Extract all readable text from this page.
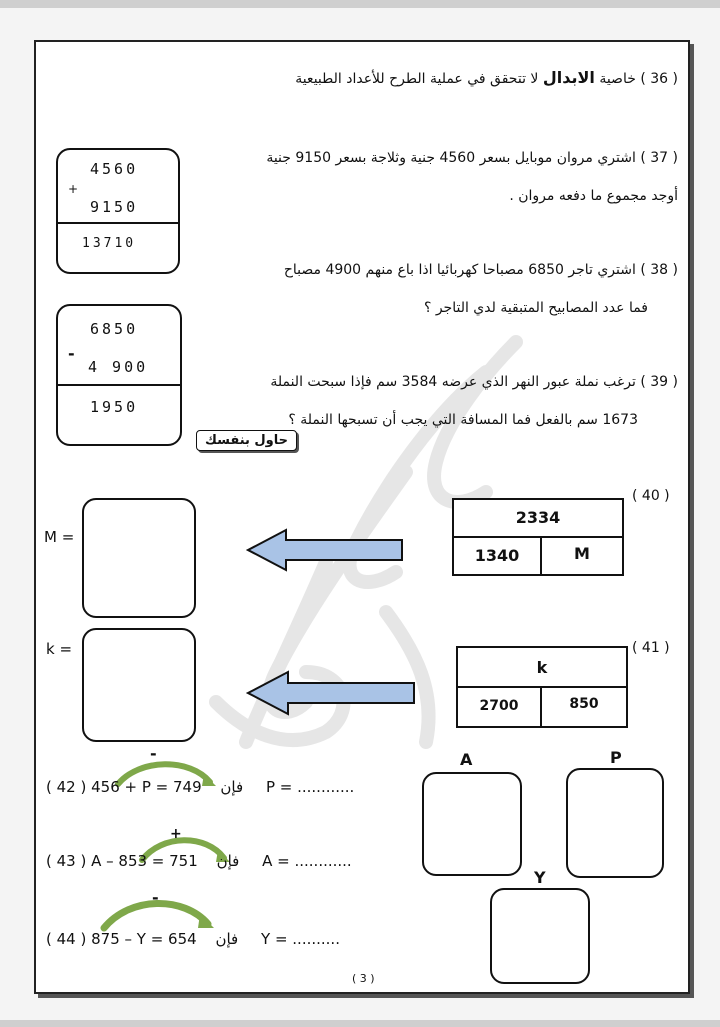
( 36 ) خاصية الابدال لا تتحقق في عملية الطرح للأعداد الطبيعية
( 37 ) اشتري مروان موبايل بسعر 4560 جنية وثلاجة بسعر 9150 جنية
أوجد مجموع ما دفعه مروان .
4560
+
9150
13710
( 38 ) اشتري تاجر 6850 مصباحا كهربائيا اذا باع منهم 4900 مصباح
فما عدد المصابيح المتبقية لدي التاجر ؟
6850
-
4 900
1950
( 39 ) ترغب نملة عبور النهر الذي عرضه 3584 سم فإذا سبحت النملة
1673 سم بالفعل فما المسافة التي يجب أن تسبحها النملة ؟
حاول بنفسك
( 40 )
2334
1340	M
M =
( 41 )
k
2700	850
k =
-
( 42 ) 456 + P = 749 فإن P = ............
+
( 43 ) A – 853 = 751 فإن A = ............
-
( 44 ) 875 – Y = 654 فإن Y = ..........
A	P
Y
( 3 )
